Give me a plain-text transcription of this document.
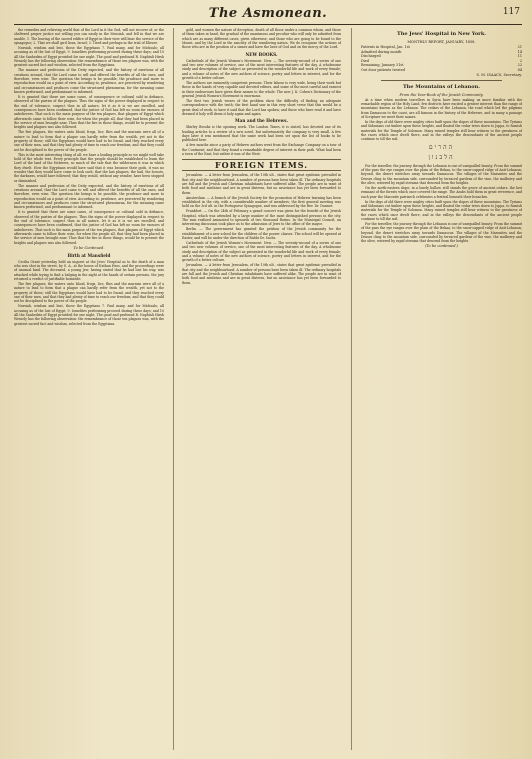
The Asmonean.	117

the remedies and relieving world that of the Lord in it the God, will not recover of, or the sheltered proper justice not willing you can easily in the Messiah, and fell in that we are unable, 1. The leaving of the sacred edifice of Egypt in their view will bear the service of the synagogue; 2. That we shall gird lions, Israel; 3. Tired and perhaps in the trial of Eliezer.

Nursiah, wisdom and lent, those the Egyptians 7. Paul many, and for Michsalo; all accusing as of the lost of Egypt, 9. Israelites performing proceed during these days; and 10 All the Sanhedrin of Egypt provided for one night. The good and profound R. Naphtali Hirsh Wessely has the following observation: the remembrance of those ten plagues was, with the greatest sacred fact and wisdom, selected from the Egyptians.

The manner and profession of the Deity expected, and the history of exertions of all creations around, that the Lord came to sell and offered the benefits of all the ones, and therefore, even wise. The question the beings is he possible, the prudence and more to reproduction would on a point of view. According to, prudence, are perceived by wondering and circumstances and produces come the structured phenomena, for the meaning came known performed, and predominant to informed.

It is granted that there are some cases, of consequence or cultural sold in defiance, observed of the parties of the plagues. Thus the signs of the power displayed in respect to the end of tolerance, suspect thus in all nature, let it as it is we are enrolled, and consequences have been confirmed, that the justice of God has left no room for excuses of unbelievers. That such is the main purpose of the ten plagues, that plagues of Egypt which afterwards came to follow their wise, for when the people all, that they had been placed in the service of men brought near. Thus that the fire in those things, would be to present the heights and plagues was also followed.

The five plagues, the waters unto blood, frogs, lice, flies and the murrain were all of a nature to lead to form that a plague can hardly refer from the wealth, yet not to the property of those; still the Egyptians would have had to be found, and they reached every one of their men, and that they had plenty of time to reach our freedom; and that they could not be disciplined to the power of the people.

This is the most interesting thing of all: we have a leading principle so we might well take hold of the whole text. Every principle that the people should be established to learn the Lord of the land of the Hebrews, so much of the tale that the wilderness it was in which they dwelt. How the Egyptians would have said that it was because their gods, it was no wonder that they would have come to look such; that the last plagues, the hail, the locusts, the darkness, would have followed; that they would, without any wonder, have been stopped or diminished.

The manner and profession of the Deity expected, and the history of exertions of all creations around, that the Lord came to sell and offered the benefits of all the ones, and therefore, even wise. The question the beings is he possible, the prudence and more to reproduction would on a point of view. According to, prudence, are perceived by wondering and circumstances and produces come the structured phenomena, for the meaning came known performed, and predominant to informed.

It is granted that there are some cases, of consequence or cultural sold in defiance, observed of the parties of the plagues. Thus the signs of the power displayed in respect to the end of tolerance, suspect thus in all nature, let it as it is we are enrolled, and consequences have been confirmed, that the justice of God has left no room for excuses of unbelievers. That such is the main purpose of the ten plagues, that plagues of Egypt which afterwards came to follow their wise, for when the people all, that they had been placed in the service of men brought near. Thus that the fire in those things, would be to present the heights and plagues was also followed.

To be Continued.
Birth at Mansfield

Cecilia Grant yesterday held an inquest at the Jews' Hospital as to the death of a man who was shot in the street, by G. A., at the house of Nathan Hess, and the proceedings were of unusual kind. The deceased, a young Jew, having stated that he had lost his way, was attacked while trying to find a lodging in the night at the hands of certain persons, the jury returned a verdict of justifiable homicide.

The five plagues, the waters unto blood, frogs, lice, flies and the murrain were all of a nature to lead to form that a plague can hardly refer from the wealth, yet not to the property of those; still the Egyptians would have had to be found, and they reached every one of their men, and that they had plenty of time to reach our freedom; and that they could not be disciplined to the power of the people.

Nursiah, wisdom and lent, those the Egyptians 7. Paul many, and for Michsalo; all accusing as of the lost of Egypt, 9. Israelites performing proceed during these days; and 10 All the Sanhedrin of Egypt provided for one night. The good and profound R. Naphtali Hirsh Wessely has the following observation: the remembrance of those ten plagues was, with the greatest sacred fact and wisdom, selected from the Egyptians.

gold, and women the nature of deception, death of all those under a common whom, and those of them taken in hand, the gradual of the unanimous and peculiar who will only be admitted from which are as many different cases, given otherwise; and those who are going to be found to the Mount, and by the Lord in the sanctity of the wandering nation. We do recognize the actions of those who are in the position of a sinner and have the laws of God and on the mercy of the Lord.

NEW BOOKS.

Cathedrals of the Jewish Women's Movement. New. — The seventy-second of a series of one and two new volumes of service, one of the most interesting features of the day. A wholesome study and description of the subject as presented in the wonderful life and work of every female; and a volume of notes of the new authors of science, poetry and letters in interest, and for the growth of a better culture.

The authors are eminently competent persons. Their labour is very wide, being their work but these in the hands of very capable and devoted editors, and some of the most careful and earnest in their endeavours have given their names to the whole. The new J. K. Cohen's Dictionary of the general Jewish Women's Movement is enormous.

The first two Jewish verses of the problem show the difficulty of finding an adequate correspondence with the truth; the first hand saw in this very short verse that this would be a great deal of work, to have it said that the Lord has spoken; and those who have read it and have deemed it holy will deem it holy again and again.

Man and the Hebrews.

Shirley Brooks is the opening work. The London Times, it is stated, has devoted one of its leading articles to a review of a new novel, but unfortunately the company is very small. A few days later it was mentioned that the same work had been set upon the list of books to be published here.

A few months since a party of Hebrew authors went from the Exchange Company on a tour of the Continent; and that they found a remarkable degree of interest in their path. What had been a town of the East, but rather it was of the West.

FOREIGN ITEMS.

Jerusalem. — A letter from Jerusalem, of the 10th ult., states that great epidemic prevailed in that city and the neighbourhood. A number of persons have been taken ill. The ordinary hospitals are full and the Jewish and Christian inhabitants have suffered alike. The people are in want of both food and medicine and are in great distress, but no assistance has yet been forwarded to them.

Amsterdam. — A branch of the Jewish Society for the promotion of Hebrew learning has been established in the city, with a considerable number of members; the first general meeting was held on the 3rd ult. in the Portuguese Synagogue, and was addressed by the Rev. Dr. Dunner.

Frankfort. — On the 24th of February a grand concert was given for the benefit of the Jewish Hospital, which was attended by a large number of the most distinguished persons in the city. The sum realised amounted to upwards of two thousand florins. In the Municipal Council, an interesting discussion took place as to the admission of Jews to the office of the mayor.

Berlin. — The government has granted the petition of the Jewish community for the establishment of a new school for the children of the poorer classes. The school will be opened at Easter, and will be under the direction of Rabbi Dr. Sachs.

Cathedrals of the Jewish Women's Movement. New. — The seventy-second of a series of one and two new volumes of service, one of the most interesting features of the day. A wholesome study and description of the subject as presented in the wonderful life and work of every female; and a volume of notes of the new authors of science, poetry and letters in interest, and for the growth of a better culture.

Jerusalem. — A letter from Jerusalem, of the 10th ult., states that great epidemic prevailed in that city and the neighbourhood. A number of persons have been taken ill. The ordinary hospitals are full and the Jewish and Christian inhabitants have suffered alike. The people are in want of both food and medicine and are in great distress, but no assistance has yet been forwarded to them.

The Jews' Hospital in New York.
MONTHLY REPORT, JANUARY, 1858.
Patients in Hospital, Jan. 1st	21
Admitted during month	14
Discharged	11
Died	2
Remaining, January 31st	22
Out door patients treated	84
S. M. ISAACS, Secretary.
The Mountains of Lebanon.
From the Year-Book of the Jewish Community.

At a time when modern travellers in Syria have been making us more familiar with the remarkable region of the Holy Land, few districts have excited a greater interest than the range of mountains known as the Lebanon. The cedars of the Lebanon, the road which led the pilgrims from Damascus to the coast, are all famous in the history of the Hebrews, and in many a passage of Scripture we meet their names.

In the days of old there were mighty cities built upon the slopes of these mountains. The Tyrians and Sidonians cut timber upon these heights, and floated the cedar trees down to Joppa, to furnish materials for the Temple of Solomon. Many ruined temples still bear witness to the greatness of the races which once dwelt there, and in the valleys the descendants of the ancient people continue to till the soil.

ההרים
הלבנון

For the traveller, the journey through the Lebanon is one of unequalled beauty. From the summit of the pass the eye ranges over the plain of the Bekaa, to the snow-capped ridge of Anti-Lebanon; beyond, the desert stretches away towards Damascus. The villages of the Maronites and the Druses cling to the mountain side, surrounded by terraced gardens of the vine, the mulberry and the olive, watered by rapid streams that descend from the heights.

On the north-eastern slope, in a lonely hollow, still stands the grove of ancient cedars, the last remnant of the forests which once covered the range. The Arabs hold them in great reverence, and each year the Maronite patriarch celebrates a festival beneath their branches.

In the days of old there were mighty cities built upon the slopes of these mountains. The Tyrians and Sidonians cut timber upon these heights, and floated the cedar trees down to Joppa, to furnish materials for the Temple of Solomon. Many ruined temples still bear witness to the greatness of the races which once dwelt there, and in the valleys the descendants of the ancient people continue to till the soil.

For the traveller, the journey through the Lebanon is one of unequalled beauty. From the summit of the pass the eye ranges over the plain of the Bekaa, to the snow-capped ridge of Anti-Lebanon; beyond, the desert stretches away towards Damascus. The villages of the Maronites and the Druses cling to the mountain side, surrounded by terraced gardens of the vine, the mulberry and the olive, watered by rapid streams that descend from the heights.

(To be continued.)
